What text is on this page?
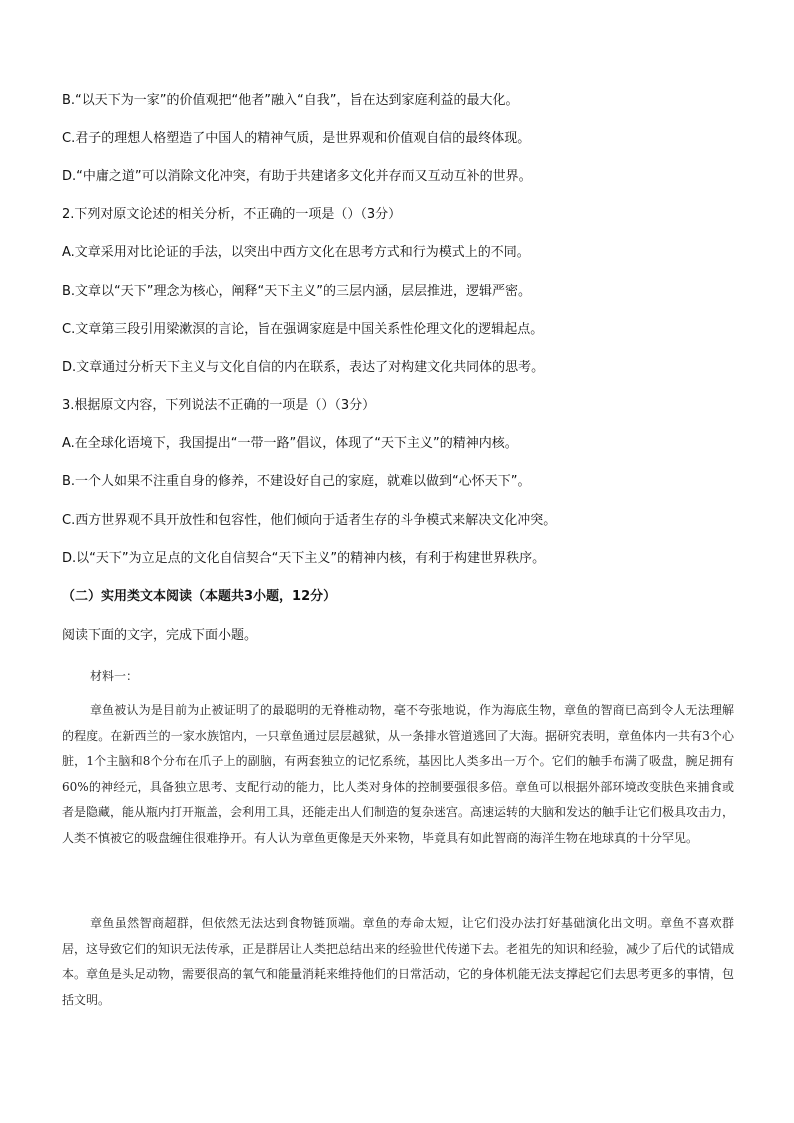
B.“以天下为一家”的价值观把“他者”融入“自我”，旨在达到家庭利益的最大化。
C.君子的理想人格塑造了中国人的精神气质，是世界观和价值观自信的最终体现。
D.“中庸之道”可以消除文化冲突，有助于共建诸多文化并存而又互动互补的世界。
2.下列对原文论述的相关分析，不正确的一项是（）（3分）
A.文章采用对比论证的手法，以突出中西方文化在思考方式和行为模式上的不同。
B.文章以“天下”理念为核心，阐释“天下主义”的三层内涵，层层推进，逻辑严密。
C.文章第三段引用梁漱溟的言论，旨在强调家庭是中国关系性伦理文化的逻辑起点。
D.文章通过分析天下主义与文化自信的内在联系，表达了对构建文化共同体的思考。
3.根据原文内容，下列说法不正确的一项是（）（3分）
A.在全球化语境下，我国提出“一带一路”倡议，体现了“天下主义”的精神内核。
B.一个人如果不注重自身的修养，不建设好自己的家庭，就难以做到“心怀天下”。
C.西方世界观不具开放性和包容性，他们倾向于适者生存的斗争模式来解决文化冲突。
D.以“天下”为立足点的文化自信契合“天下主义”的精神内核，有利于构建世界秩序。
（二）实用类文本阅读（本题共3小题，12分）
阅读下面的文字，完成下面小题。
材料一：
章鱼被认为是目前为止被证明了的最聪明的无脊椎动物，毫不夸张地说，作为海底生物，章鱼的智商已高到令人无法理解的程度。在新西兰的一家水族馆内，一只章鱼通过层层越狱，从一条排水管道逃回了大海。据研究表明，章鱼体内一共有3个心脏，1个主脑和8个分布在爪子上的副脑，有两套独立的记忆系统，基因比人类多出一万个。它们的触手布满了吸盘，腕足拥有60%的神经元，具备独立思考、支配行动的能力，比人类对身体的控制要强很多倍。章鱼可以根据外部环境改变肤色来捕食或者是隐藏，能从瓶内打开瓶盖，会利用工具，还能走出人们制造的复杂迷宫。高速运转的大脑和发达的触手让它们极具攻击力，人类不慎被它的吸盘缠住很难挣开。有人认为章鱼更像是天外来物，毕竟具有如此智商的海洋生物在地球真的十分罕见。
章鱼虽然智商超群，但依然无法达到食物链顶端。章鱼的寿命太短，让它们没办法打好基础演化出文明。章鱼不喜欢群居，这导致它们的知识无法传承，正是群居让人类把总结出来的经验世代传递下去。老祖先的知识和经验，减少了后代的试错成本。章鱼是头足动物，需要很高的氧气和能量消耗来维持他们的日常活动，它的身体机能无法支撑起它们去思考更多的事情，包括文明。
